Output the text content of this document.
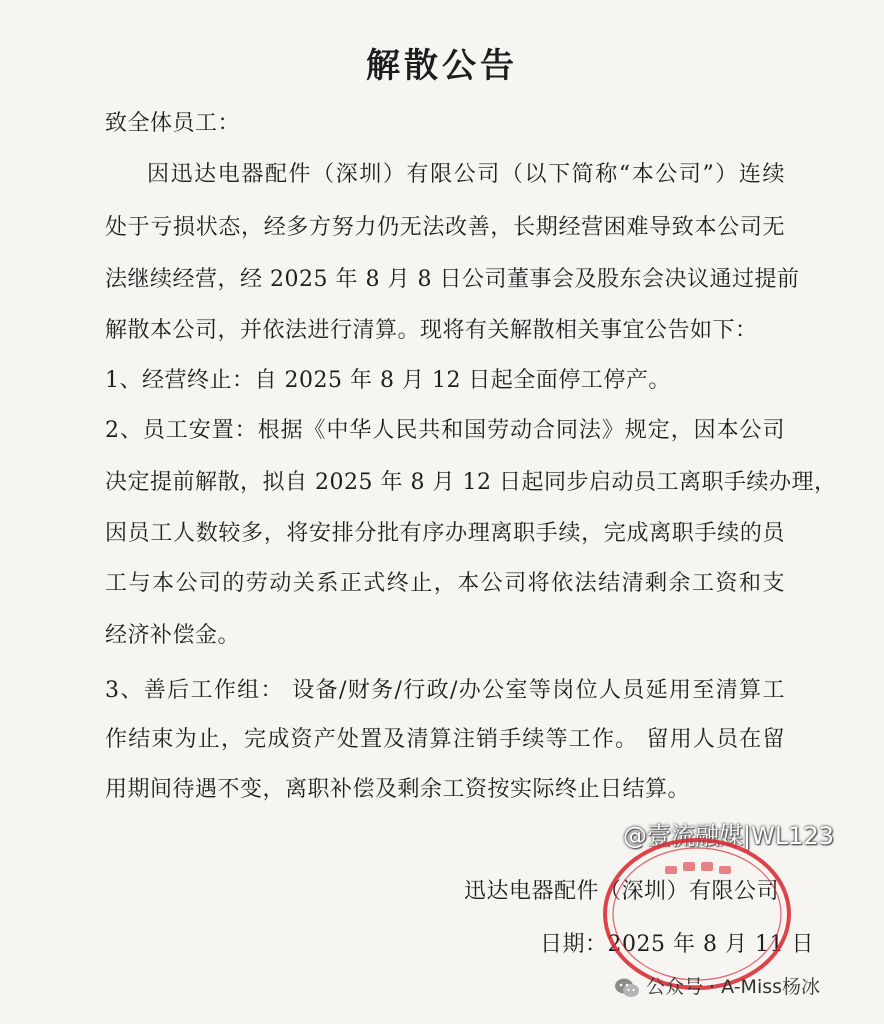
解散公告
致全体员工：
因迅达电器配件（深圳）有限公司（以下简称“本公司”）连续
处于亏损状态，经多方努力仍无法改善，长期经营困难导致本公司无
法继续经营，经 2025 年 8 月 8 日公司董事会及股东会决议通过提前
解散本公司，并依法进行清算。现将有关解散相关事宜公告如下：
1、经营终止：自 2025 年 8 月 12 日起全面停工停产。
2、员工安置：根据《中华人民共和国劳动合同法》规定，因本公司
决定提前解散，拟自 2025 年 8 月 12 日起同步启动员工离职手续办理，
因员工人数较多，将安排分批有序办理离职手续，完成离职手续的员
工与本公司的劳动关系正式终止，本公司将依法结清剩余工资和支
经济补偿金。
3、善后工作组： 设备/财务/行政/办公室等岗位人员延用至清算工
作结束为止，完成资产处置及清算注销手续等工作。 留用人员在留
用期间待遇不变，离职补偿及剩余工资按实际终止日结算。
@壹流融媒|WL123
迅达电器配件（深圳）有限公司
日期：2025 年 8 月 11 日
公众号 · A-Miss杨冰
